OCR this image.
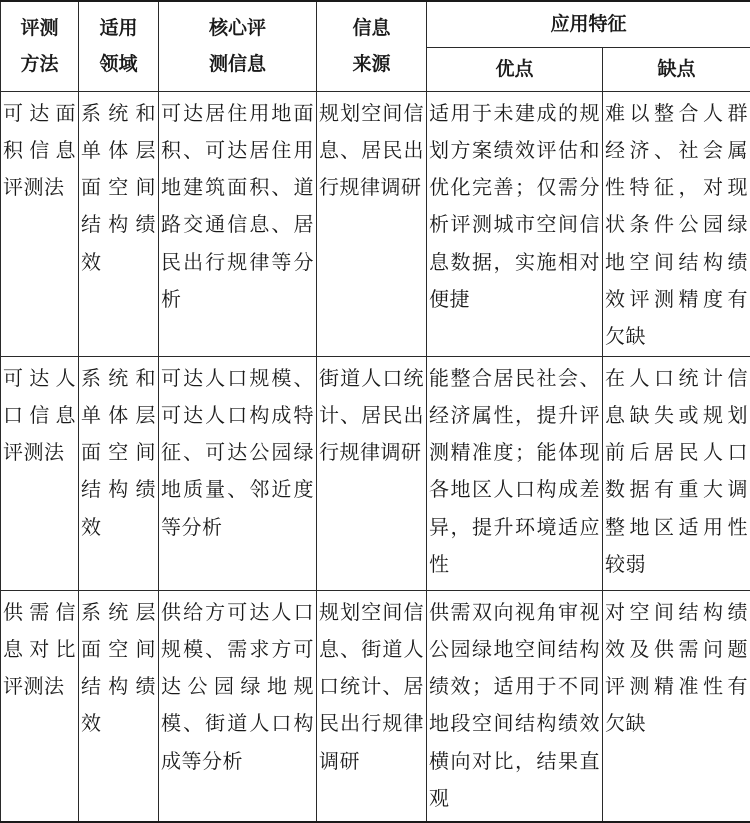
评测方法	适用领域	核心评测信息	信息来源	应用特征	

				优点	缺点

可达面积信息评测法	系统和单体层面空间结构绩效	可达居住用地面积、可达居住用地建筑面积、道路交通信息、居民出行规律等分析	规划空间信息、居民出行规律调研	适用于未建成的规划方案绩效评估和优化完善；仅需分析评测城市空间信息数据，实施相对便捷	难以整合人群经济、社会属性特征，对现状条件公园绿地空间结构绩效评测精度有欠缺

可达人口信息评测法	系统和单体层面空间结构绩效	可达人口规模、可达人口构成特征、可达公园绿地质量、邻近度等分析	街道人口统计、居民出行规律调研	能整合居民社会、经济属性，提升评测精准度；能体现各地区人口构成差异，提升环境适应性	在人口统计信息缺失或规划前后居民人口数据有重大调整地区适用性较弱

供需信息对比评测法	系统层面空间结构绩效	供给方可达人口规模、需求方可达公园绿地规模、街道人口构成等分析	规划空间信息、街道人口统计、居民出行规律调研	供需双向视角审视公园绿地空间结构绩效；适用于不同地段空间结构绩效横向对比，结果直观	对空间结构绩效及供需问题评测精准性有欠缺
